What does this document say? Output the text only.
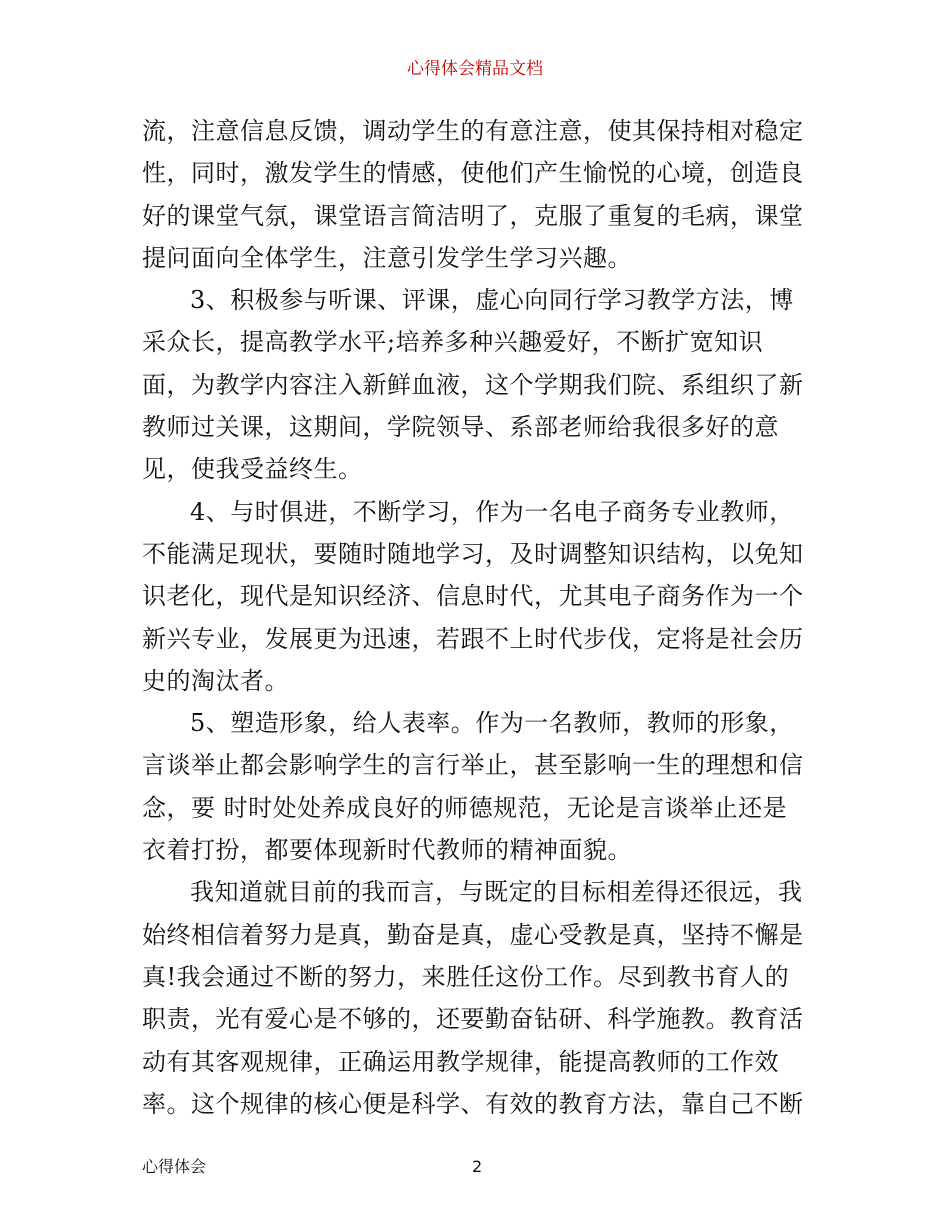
心得体会精品文档
流，注意信息反馈，调动学生的有意注意，使其保持相对稳定
性，同时，激发学生的情感，使他们产生愉悦的心境，创造良
好的课堂气氛，课堂语言简洁明了，克服了重复的毛病，课堂
提问面向全体学生，注意引发学生学习兴趣。
3、积极参与听课、评课，虚心向同行学习教学方法，博
采众长，提高教学水平;培养多种兴趣爱好，不断扩宽知识
面，为教学内容注入新鲜血液，这个学期我们院、系组织了新
教师过关课，这期间，学院领导、系部老师给我很多好的意
见，使我受益终生。
4、与时俱进，不断学习，作为一名电子商务专业教师，
不能满足现状，要随时随地学习，及时调整知识结构，以免知
识老化，现代是知识经济、信息时代，尤其电子商务作为一个
新兴专业，发展更为迅速，若跟不上时代步伐，定将是社会历
史的淘汰者。
5、塑造形象，给人表率。作为一名教师，教师的形象，
言谈举止都会影响学生的言行举止，甚至影响一生的理想和信
念，要 时时处处养成良好的师德规范，无论是言谈举止还是
衣着打扮，都要体现新时代教师的精神面貌。
我知道就目前的我而言，与既定的目标相差得还很远，我
始终相信着努力是真，勤奋是真，虚心受教是真，坚持不懈是
真!我会通过不断的努力，来胜任这份工作。尽到教书育人的
职责，光有爱心是不够的，还要勤奋钻研、科学施教。教育活
动有其客观规律，正确运用教学规律，能提高教师的工作效
率。这个规律的核心便是科学、有效的教育方法，靠自己不断
心得体会	2
